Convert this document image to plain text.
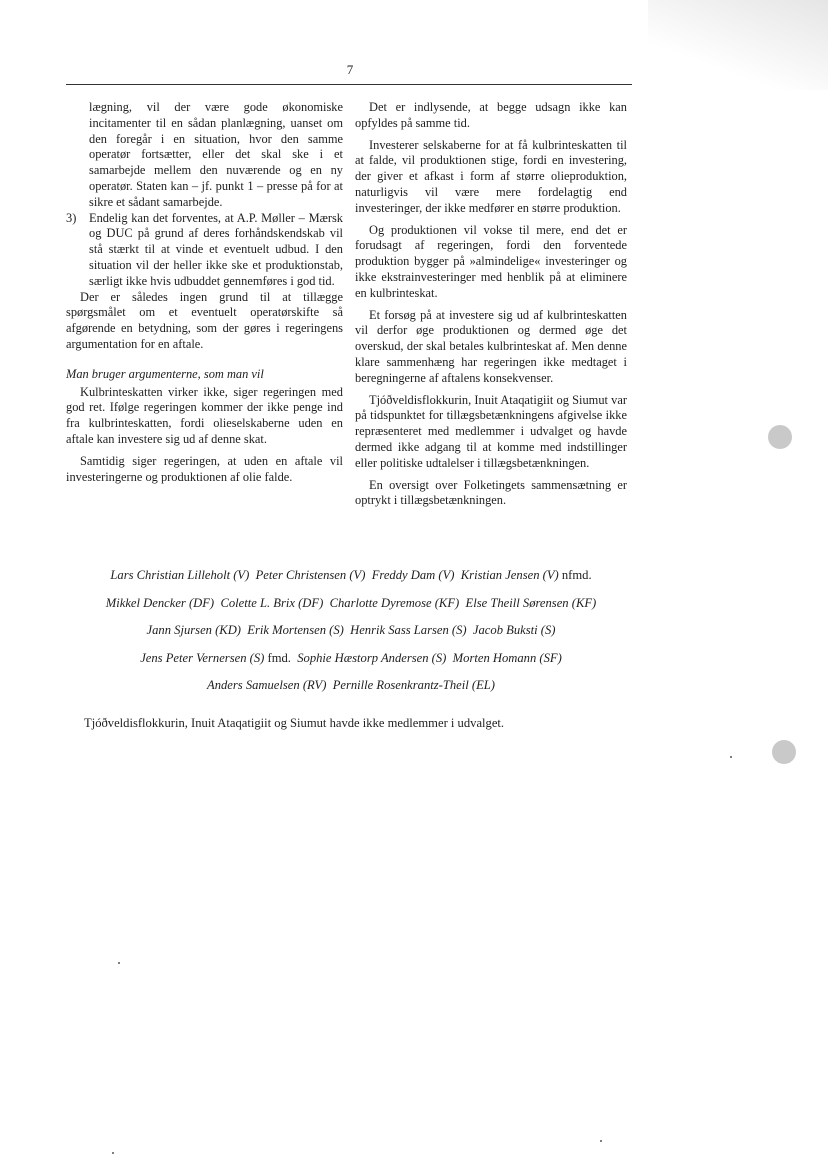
7
lægning, vil der være gode økonomiske incitamenter til en sådan planlægning, uanset om den foregår i en situation, hvor den samme operatør fortsætter, eller det skal ske i et samarbejde mellem den nuværende og en ny operatør. Staten kan – jf. punkt 1 – presse på for at sikre et sådant samarbejde.
3) Endelig kan det forventes, at A.P. Møller – Mærsk og DUC på grund af deres forhåndskendskab vil stå stærkt til at vinde et eventuelt udbud. I den situation vil der heller ikke ske et produktionstab, særligt ikke hvis udbuddet gennemføres i god tid.

Der er således ingen grund til at tillægge spørgsmålet om et eventuelt operatørskifte så afgørende en betydning, som der gøres i regeringens argumentation for en aftale.

Man bruger argumenterne, som man vil

Kulbrinteskatten virker ikke, siger regeringen med god ret. Ifølge regeringen kommer der ikke penge ind fra kulbrinteskatten, fordi olieselskaberne uden en aftale kan investere sig ud af denne skat.

Samtidig siger regeringen, at uden en aftale vil investeringerne og produktionen af olie falde.

Det er indlysende, at begge udsagn ikke kan opfyldes på samme tid.

Investerer selskaberne for at få kulbrinteskatten til at falde, vil produktionen stige, fordi en investering, der giver et afkast i form af større olieproduktion, naturligvis vil være mere fordelagtig end investeringer, der ikke medfører en større produktion.

Og produktionen vil vokse til mere, end det er forudsagt af regeringen, fordi den forventede produktion bygger på »almindelige« investeringer og ikke ekstrainvesteringer med henblik på at eliminere en kulbrinteskat.

Et forsøg på at investere sig ud af kulbrinteskatten vil derfor øge produktionen og dermed øge det overskud, der skal betales kulbrinteskat af. Men denne klare sammenhæng har regeringen ikke medtaget i beregningerne af aftalens konsekvenser.

Tjóðveldisflokkurin, Inuit Ataqatigiit og Siumut var på tidspunktet for tillægsbetænkningens afgivelse ikke repræsenteret med medlemmer i udvalget og havde dermed ikke adgang til at komme med indstillinger eller politiske udtalelser i tillægsbetænkningen.

En oversigt over Folketingets sammensætning er optrykt i tillægsbetænkningen.

Lars Christian Lilleholt (V) Peter Christensen (V) Freddy Dam (V) Kristian Jensen (V) nfmd.
Mikkel Dencker (DF) Colette L. Brix (DF) Charlotte Dyremose (KF) Else Theill Sørensen (KF)
Jann Sjursen (KD) Erik Mortensen (S) Henrik Sass Larsen (S) Jacob Buksti (S)
Jens Peter Vernersen (S) fmd. Sophie Hæstorp Andersen (S) Morten Homann (SF)
Anders Samuelsen (RV) Pernille Rosenkrantz-Theil (EL)
Tjóðveldisflokkurin, Inuit Ataqatigiit og Siumut havde ikke medlemmer i udvalget.
